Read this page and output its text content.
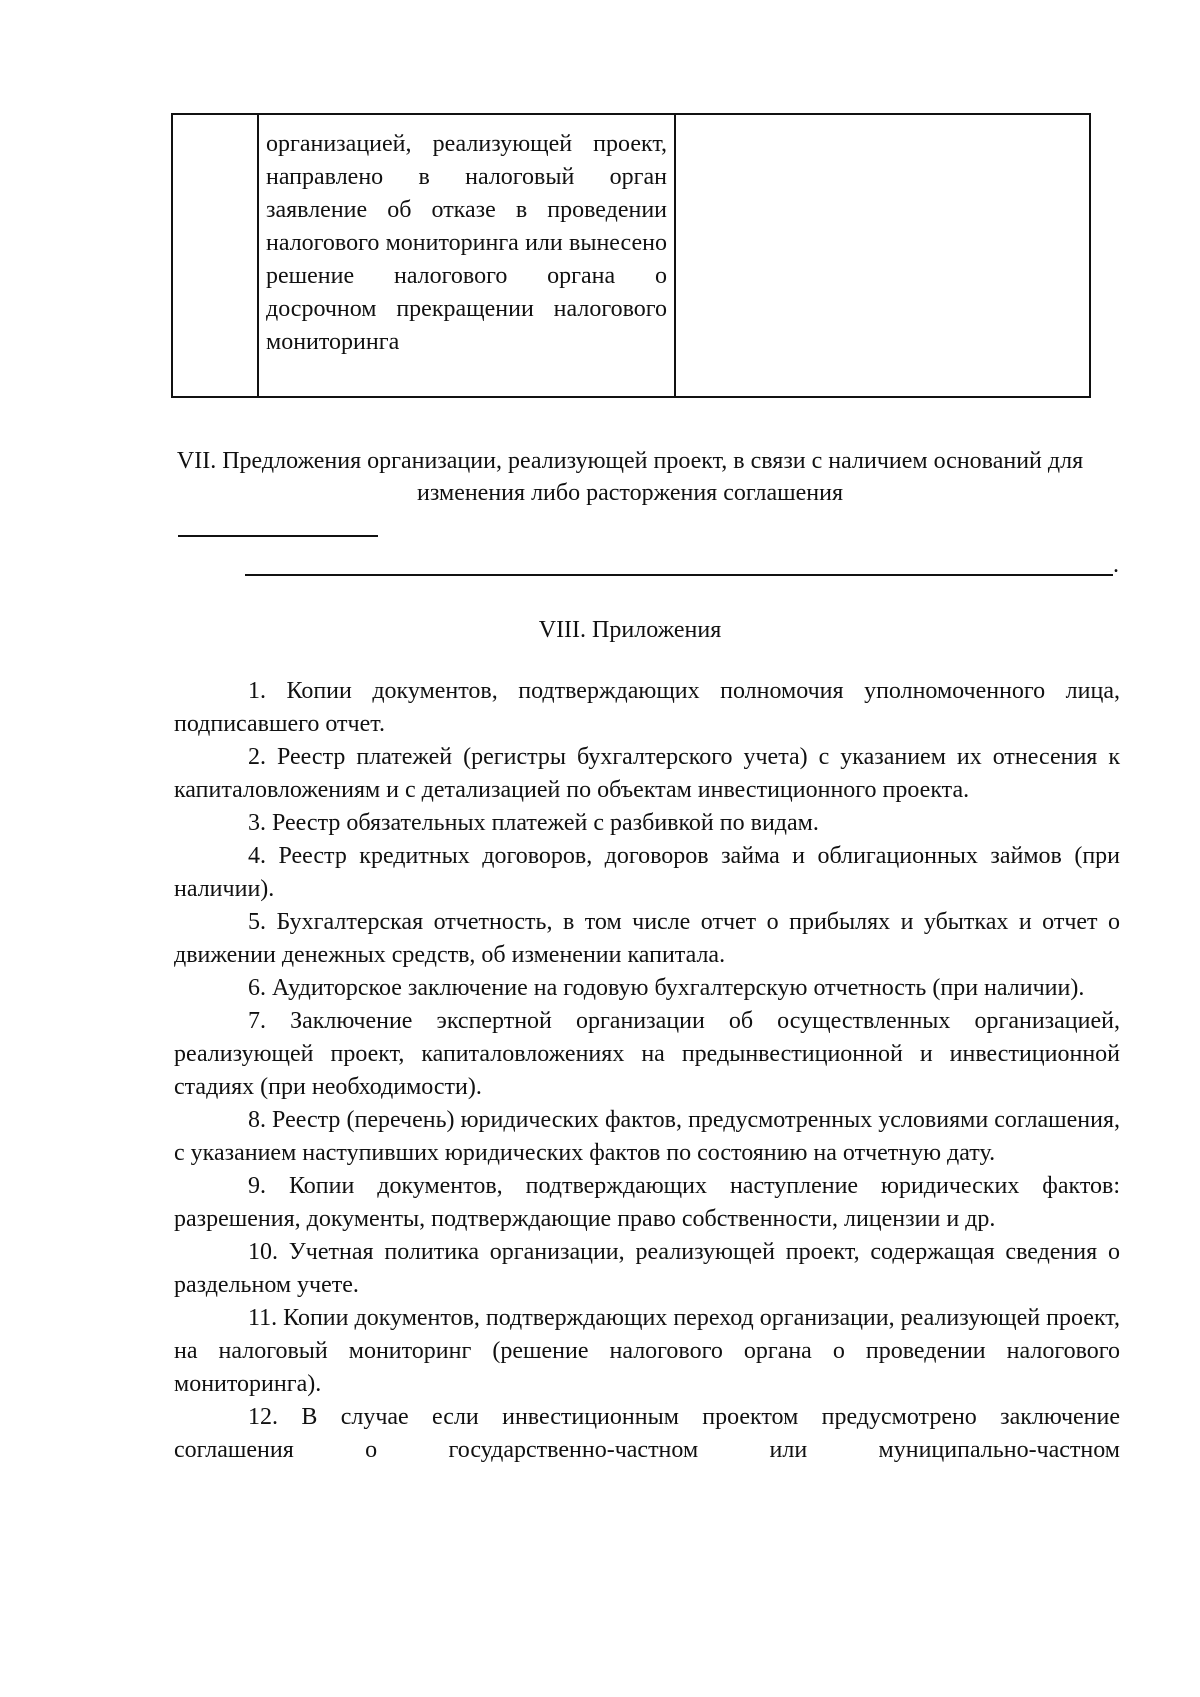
организацией, реализующей проект, направлено в налоговый орган заявление об отказе в проведении налогового мониторинга или вынесено решение налогового органа о досрочном прекращении налогового мониторинга

VII. Предложения организации, реализующей проект, в связи с наличием оснований для изменения либо расторжения соглашения
.
VIII. Приложения
1. Копии документов, подтверждающих полномочия уполномоченного лица, подписавшего отчет.
2. Реестр платежей (регистры бухгалтерского учета) с указанием их отнесения к капиталовложениям и с детализацией по объектам инвестиционного проекта.
3. Реестр обязательных платежей с разбивкой по видам.
4. Реестр кредитных договоров, договоров займа и облигационных займов (при наличии).
5. Бухгалтерская отчетность, в том числе отчет о прибылях и убытках и отчет о движении денежных средств, об изменении капитала.
6. Аудиторское заключение на годовую бухгалтерскую отчетность (при наличии).
7. Заключение экспертной организации об осуществленных организацией, реализующей проект, капиталовложениях на предынвестиционной и инвестиционной стадиях (при необходимости).
8. Реестр (перечень) юридических фактов, предусмотренных условиями соглашения, с указанием наступивших юридических фактов по состоянию на отчетную дату.
9. Копии документов, подтверждающих наступление юридических фактов: разрешения, документы, подтверждающие право собственности, лицензии и др.
10. Учетная политика организации, реализующей проект, содержащая сведения о раздельном учете.
11. Копии документов, подтверждающих переход организации, реализующей проект, на налоговый мониторинг (решение налогового органа о проведении налогового мониторинга).
12. В случае если инвестиционным проектом предусмотрено заключение соглашения о государственно-частном или муниципально-частном
